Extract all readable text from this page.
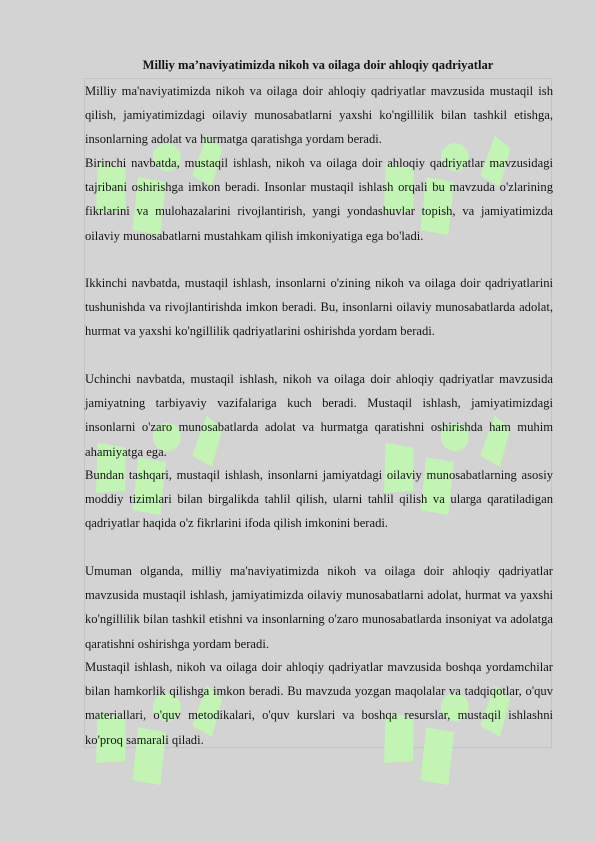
Milliy ma’naviyatimizda nikoh va oilaga doir ahloqiy qadriyatlar

Milliy ma'naviyatimizda nikoh va oilaga doir ahloqiy qadriyatlar mavzusida mustaqil ish qilish, jamiyatimizdagi oilaviy munosabatlarni yaxshi ko'ngillilik bilan tashkil etishga, insonlarning adolat va hurmatga qaratishga yordam beradi.

Birinchi navbatda, mustaqil ishlash, nikoh va oilaga doir ahloqiy qadriyatlar mavzusidagi tajribani oshirishga imkon beradi. Insonlar mustaqil ishlash orqali bu mavzuda o'zlarining fikrlarini va mulohazalarini rivojlantirish, yangi yondashuvlar topish, va jamiyatimizda oilaviy munosabatlarni mustahkam qilish imkoniyatiga ega bo'ladi.

Ikkinchi navbatda, mustaqil ishlash, insonlarni o'zining nikoh va oilaga doir qadriyatlarini tushunishda va rivojlantirishda imkon beradi. Bu, insonlarni oilaviy munosabatlarda adolat, hurmat va yaxshi ko'ngillilik qadriyatlarini oshirishda yordam beradi.

Uchinchi navbatda, mustaqil ishlash, nikoh va oilaga doir ahloqiy qadriyatlar mavzusida jamiyatning tarbiyaviy vazifalariga kuch beradi. Mustaqil ishlash, jamiyatimizdagi insonlarni o'zaro munosabatlarda adolat va hurmatga qaratishni oshirishda ham muhim ahamiyatga ega.

Bundan tashqari, mustaqil ishlash, insonlarni jamiyatdagi oilaviy munosabatlarning asosiy moddiy tizimlari bilan birgalikda tahlil qilish, ularni tahlil qilish va ularga qaratiladigan qadriyatlar haqida o'z fikrlarini ifoda qilish imkonini beradi.

Umuman olganda, milliy ma'naviyatimizda nikoh va oilaga doir ahloqiy qadriyatlar mavzusida mustaqil ishlash, jamiyatimizda oilaviy munosabatlarni adolat, hurmat va yaxshi ko'ngillilik bilan tashkil etishni va insonlarning o'zaro munosabatlarda insoniyat va adolatga qaratishni oshirishga yordam beradi.

Mustaqil ishlash, nikoh va oilaga doir ahloqiy qadriyatlar mavzusida boshqa yordamchilar bilan hamkorlik qilishga imkon beradi. Bu mavzuda yozgan maqolalar va tadqiqotlar, o'quv materiallari, o'quv metodikalari, o'quv kurslari va boshqa resurslar, mustaqil ishlashni ko'proq samarali qiladi.
